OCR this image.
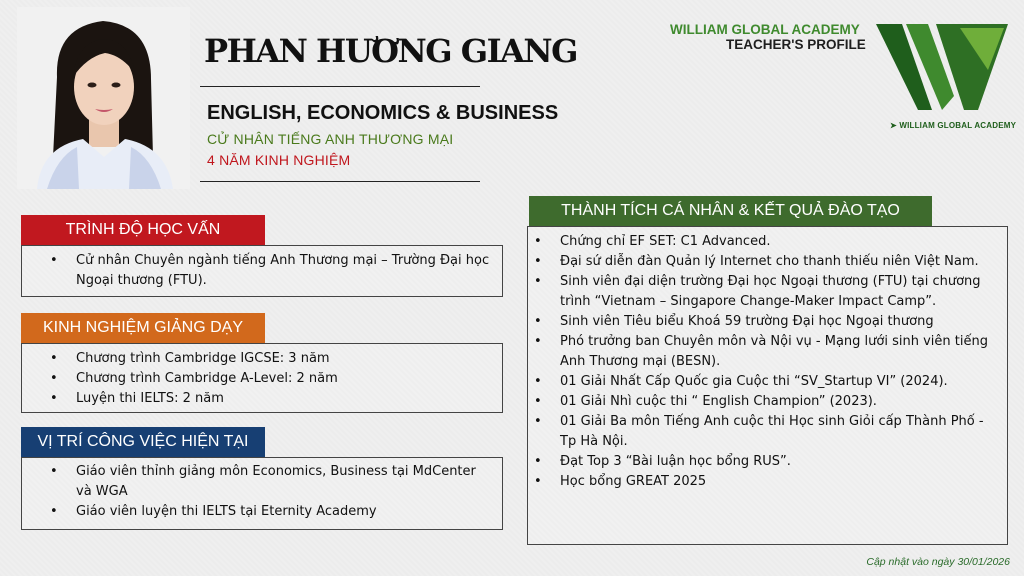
PHAN HƯƠNG GIANG
ENGLISH, ECONOMICS & BUSINESS
CỬ NHÂN TIẾNG ANH THƯƠNG MẠI
4 NĂM KINH NGHIỆM
WILLIAM GLOBAL ACADEMY
TEACHER'S PROFILE
➤ WILLIAM GLOBAL ACADEMY
TRÌNH ĐỘ HỌC VẤN
• Cử nhân Chuyên ngành tiếng Anh Thương mại – Trường Đại học Ngoại thương (FTU).
KINH NGHIỆM GIẢNG DẠY
• Chương trình Cambridge IGCSE: 3 năm
• Chương trình Cambridge A-Level: 2 năm
• Luyện thi IELTS: 2 năm
VỊ TRÍ CÔNG VIỆC HIỆN TẠI
• Giáo viên thỉnh giảng môn Economics, Business tại MdCenter và WGA
• Giáo viên luyện thi IELTS tại Eternity Academy
THÀNH TÍCH CÁ NHÂN & KẾT QUẢ ĐÀO TẠO
• Chứng chỉ EF SET: C1 Advanced.
• Đại sứ diễn đàn Quản lý Internet cho thanh thiếu niên Việt Nam.
• Sinh viên đại diện trường Đại học Ngoại thương (FTU) tại chương trình “Vietnam – Singapore Change-Maker Impact Camp”.
• Sinh viên Tiêu biểu Khoá 59 trường Đại học Ngoại thương
• Phó trưởng ban Chuyên môn và Nội vụ - Mạng lưới sinh viên tiếng Anh Thương mại (BESN).
• 01 Giải Nhất Cấp Quốc gia Cuộc thi “SV_Startup VI” (2024).
• 01 Giải Nhì cuộc thi “ English Champion” (2023).
• 01 Giải Ba môn Tiếng Anh cuộc thi Học sinh Giỏi cấp Thành Phố - Tp Hà Nội.
• Đạt Top 3 “Bài luận học bổng RUS”.
• Học bổng GREAT 2025
Cập nhật vào ngày 30/01/2026
